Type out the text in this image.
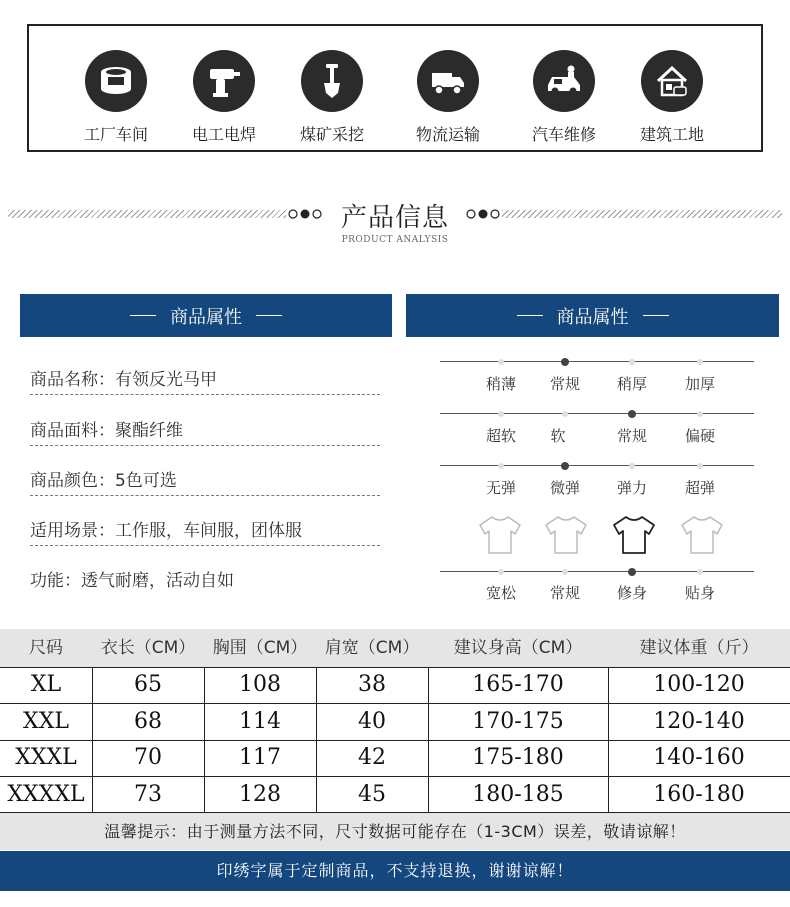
工厂车间	电工电焊	煤矿采挖	物流运输	汽车维修	建筑工地
产品信息
PRODUCT ANALYSIS
商品属性	商品属性
商品名称：有领反光马甲
商品面料：聚酯纤维
商品颜色：5色可选
适用场景：工作服，车间服，团体服
功能：透气耐磨，活动自如
稍薄	常规	稍厚	加厚
超软	软	常规	偏硬
无弹	微弹	弹力	超弹
宽松	常规	修身	贴身
尺码	衣长（CM）	胸围（CM）	肩宽（CM）	建议身高（CM）	建议体重（斤）
XL	65	108	38	165-170	100-120
XXL	68	114	40	170-175	120-140
XXXL	70	117	42	175-180	140-160
XXXXL	73	128	45	180-185	160-180
温馨提示：由于测量方法不同，尺寸数据可能存在（1-3CM）误差，敬请谅解！
印绣字属于定制商品，不支持退换，谢谢谅解！
